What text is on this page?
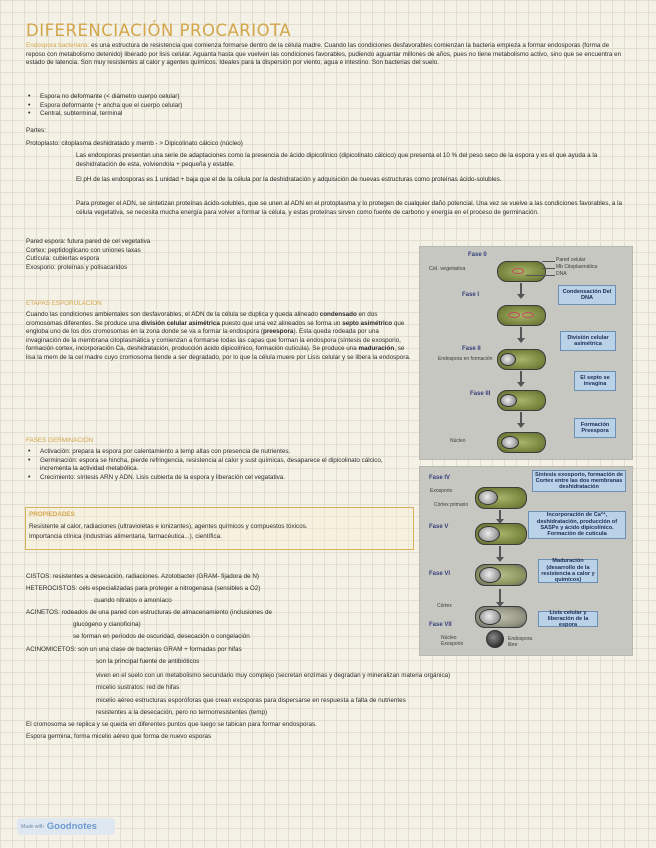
DIFERENCIACIÓN PROCARIOTA
Endospora bacteriana: es una estructura de resistencia que comienza formarse dentro de la célula madre. Cuando las condiciones desfavorables comienzan la bacteria empieza a formar endosporas (forma de reposo con metabolismo detenido) liberado por lisis celular. Aguanta hasta que vuelven las condiciones favorables, pudiendo aguantar millones de años, pues no tiene metabolismo activo, sino que se encuentra en estado de latencia. Son muy resistentes al calor y agentes químicos. Ideales para la dispersión por viento, agua e intestino. Son bacterias del suelo.
• Espora no deformante (< diámetro cuerpo celular)
• Espora deformante (+ ancha que el cuerpo celular)
• Central, subterminal, terminal
Partes:
Protoplasto: citoplasma deshidratado y memb - > Dipicolinato cálcico (núcleo)
Las endosporas presentan una serie de adaptaciones como la presencia de ácido dipicolínico (dipicolinato cálcico) que presenta el 10 % del peso seco de la espora y es el que ayuda a la deshidratación de esta, volviendola + pequeña y estable.
El pH de las endosporas es 1 unidad + baja que el de la célula por la deshidratación y adquisición de nuevas estructuras como proteínas ácido-solubles.
Para proteger el ADN, se sintetizan proteínas ácido-solubles, que se unen al ADN en el protoplasma y lo protegen de cualquier daño potencial. Una vez se vuelve a las condiciones favorables, a la célula vegetativa, se necesita mucha energía para volver a formar la célula, y estas proteínas sirven como fuente de carbono y energía en el proceso de germinación.
Pared espora: futura pared de cel vegetativa
Cortex: peptidoglicano con uniones laxas
Cutícula: cubiertas espora
Exosporio: proteínas y polisacaridos
ETAPAS ESPORULACION
Cuando las condiciones ambientales son desfavorables, el ADN de la célula se duplica y queda alineado condensado en dos cromosomas diferentes. Se produce una división celular asimétrica puesto que una vez alineados se forma un septo asimétrico que engloba uno de los dos cromosomas en la zona donde se va a formar la endospora (preespora). Esta queda rodeada por una invaginación de la membrana citoplasmática y comienzan a formarse todas las capas que forman la endospora (síntesis de exosporio, formación cortex, incorporación Ca, deshidratación, producción ácido dipicolínico, formación cutícula). Se produce una maduración, se lisa la mem de la cel madre cuyo cromosoma tiende a ser degradado, por lo que la célula muere por Lisis celular y se libera la endospora.
FASES GERMINACIÓN
• Activación: prepara la espora por calentamiento a temp altas con presencia de nutrientes.
• Germinación: espora se hincha, pierde refringencia, resistencia al calor y sust químicas, desaparece el dipicolinato cálcico, incrementa la actividad metabólica.
• Crecimiento: síntesis ARN y ADN. Lisis cubierta de la espora y liberación cel vegatativa.
PROPIEDADES
Resistente al calor, radiaciones (ultravioletas e ionizantes), agentes químicos y compuestos tóxicos.
Importancia clínica (industrias alimentaria, farmacéutica...), científica.
CISTOS: resistentes a desecación, radiaciones. Azotobacter (GRAM- fijadora de N)
HETEROCISTOS: cels especializadas para proteger a nitrogenasa (sensibles a O2)
cuando nitratos o amoníaco
ACINETOS: rodeados de una pared con estructuras de almacenamiento (inclusiones de
glucógeno y cianoficina)
se forman en períodos de oscuridad, desecación o congelación
ACINOMICETOS: son un una clase de bacterias GRAM + formadas por hifas
son la principal fuente de antibióticos
viven en el suelo con un metabolismo secundario muy complejo (secretan enzimas y degradan y mineralizan materia orgánica)
micelio sustratos: red de hifas
micelio aéreo estructuras esporóforas que crean exosporas para dispersarse en respuesta a falta de nutrientes
resistentes a la desecación, pero no termorresistentes (temp)
El cromosoma se replica y se queda en diferentes puntos que luego se tabican para formar endosporas.
Espora germina, forma micelio aéreo que forma de nuevo esporas
Fase 0
Cél. vegetativa
Pared celular
Mb Citoplasmática
DNA
Fase I
Condensación Del DNA
División celular asimétrica
Fase II
Endospora en formación
El septo se invagina
Fase III
Formación Preespora
Núcleo
Fase IV
Exosporio
Córtex primario
Síntesis exosporio, formación de Cortex entre las dos membranas deshidratación
Fase V
Incorporación de Ca²⁺, deshidratación, producción of SASPs y ácido dipicolínico. Formación de cutícula
Fase VI
Maduración (desarrollo de la resistencia a calor y químicos)
Córtex
Lisis celular y liberación de la espora
Fase VII
Núcleo
Exosporio
Endospora libre
Made with Goodnotes
